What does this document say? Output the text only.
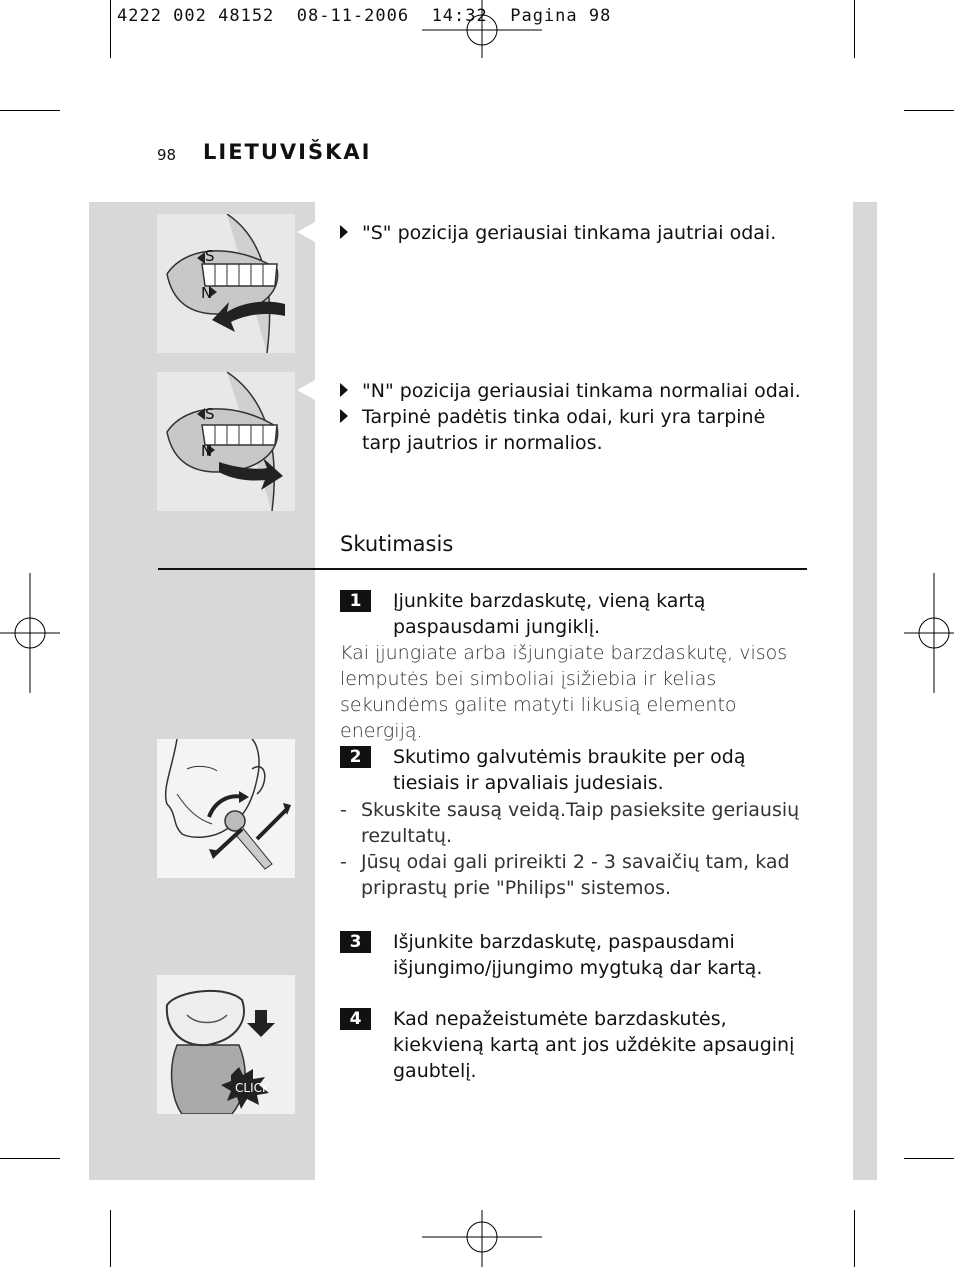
4222 002 48152  08-11-2006  14:32  Pagina 98
98 LIETUVIŠKAI
S
N
S
N
"S" pozicija geriausiai tinkama jautriai odai.
"N" pozicija geriausiai tinkama normaliai odai.
Tarpinė padėtis tinka odai, kuri yra tarpinė tarp jautrios ir normalios.
Skutimasis
1	Įjunkite barzdaskutę, vieną kartą paspausdami jungiklį.
Kai įjungiate arba išjungiate barzdaskutę, visos lemputės bei simboliai įsižiebia ir kelias sekundėms galite matyti likusią elemento energiją.
2	Skutimo galvutėmis braukite per odą tiesiais ir apvaliais judesiais.
- Skuskite sausą veidą.Taip pasieksite geriausių rezultatų.
- Jūsų odai gali prireikti 2 - 3 savaičių tam, kad priprastų prie "Philips" sistemos.
3	Išjunkite barzdaskutę, paspausdami išjungimo/įjungimo mygtuką dar kartą.
CLICK
4	Kad nepažeistumėte barzdaskutės, kiekvieną kartą ant jos uždėkite apsauginį gaubtelį.
